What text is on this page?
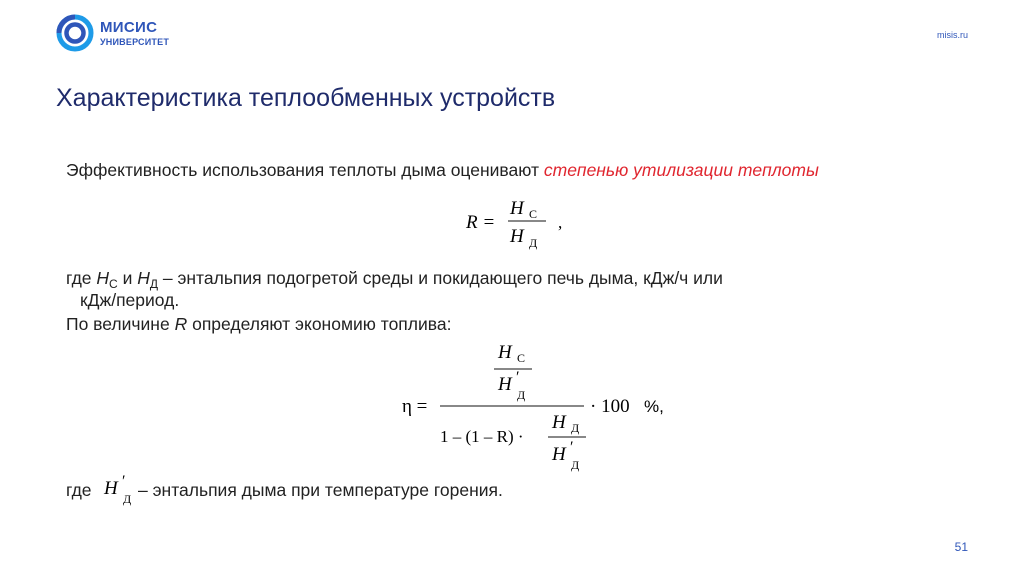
МИСИС
УНИВЕРСИТЕТ
misis.ru
Характеристика теплообменных устройств
Эффективность использования теплоты дыма оценивают степенью утилизации теплоты
R =
H С
H Д
,
где $Н_С$ и $Н_Д$ – энтальпия подогретой среды и покидающего печь дыма, кДж/ч или
кДж/период.
По величине R определяют экономию топлива:
η =
H С
H ′
Д
1 – (1 – R) ·
H Д
H ′
Д
· 100 %,
где H ′
Д – энтальпия дыма при температуре горения.
51
